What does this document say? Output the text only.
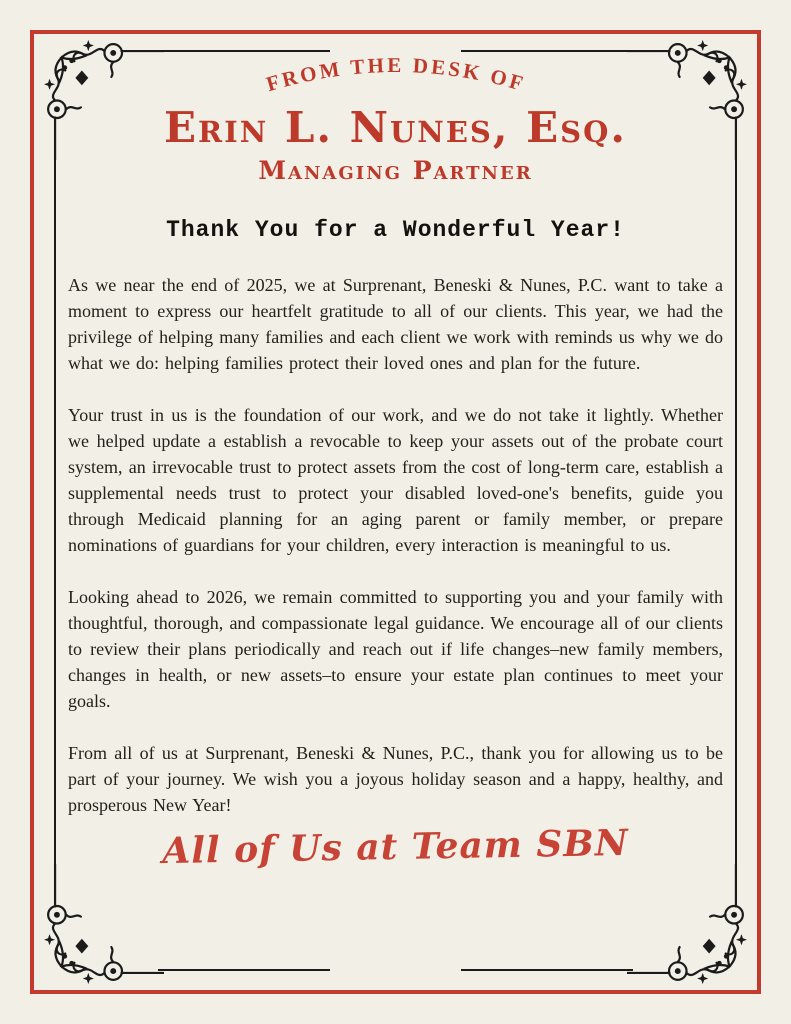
FROM THE DESK OF
Erin L. Nunes, Esq.
Managing Partner
Thank You for a Wonderful Year!

As we near the end of 2025, we at Surprenant, Beneski & Nunes, P.C. want to take a moment to express our heartfelt gratitude to all of our clients. This year, we had the privilege of helping many families and each client we work with reminds us why we do what we do: helping families protect their loved ones and plan for the future.

Your trust in us is the foundation of our work, and we do not take it lightly. Whether we helped update a establish a revocable to keep your assets out of the probate court system, an irrevocable trust to protect assets from the cost of long-term care, establish a supplemental needs trust to protect your disabled loved-one's benefits, guide you through Medicaid planning for an aging parent or family member, or prepare nominations of guardians for your children, every interaction is meaningful to us.

Looking ahead to 2026, we remain committed to supporting you and your family with thoughtful, thorough, and compassionate legal guidance. We encourage all of our clients to review their plans periodically and reach out if life changes–new family members, changes in health, or new assets–to ensure your estate plan continues to meet your goals.

From all of us at Surprenant, Beneski & Nunes, P.C., thank you for allowing us to be part of your journey. We wish you a joyous holiday season and a happy, healthy, and prosperous New Year!

All of Us at Team SBN
